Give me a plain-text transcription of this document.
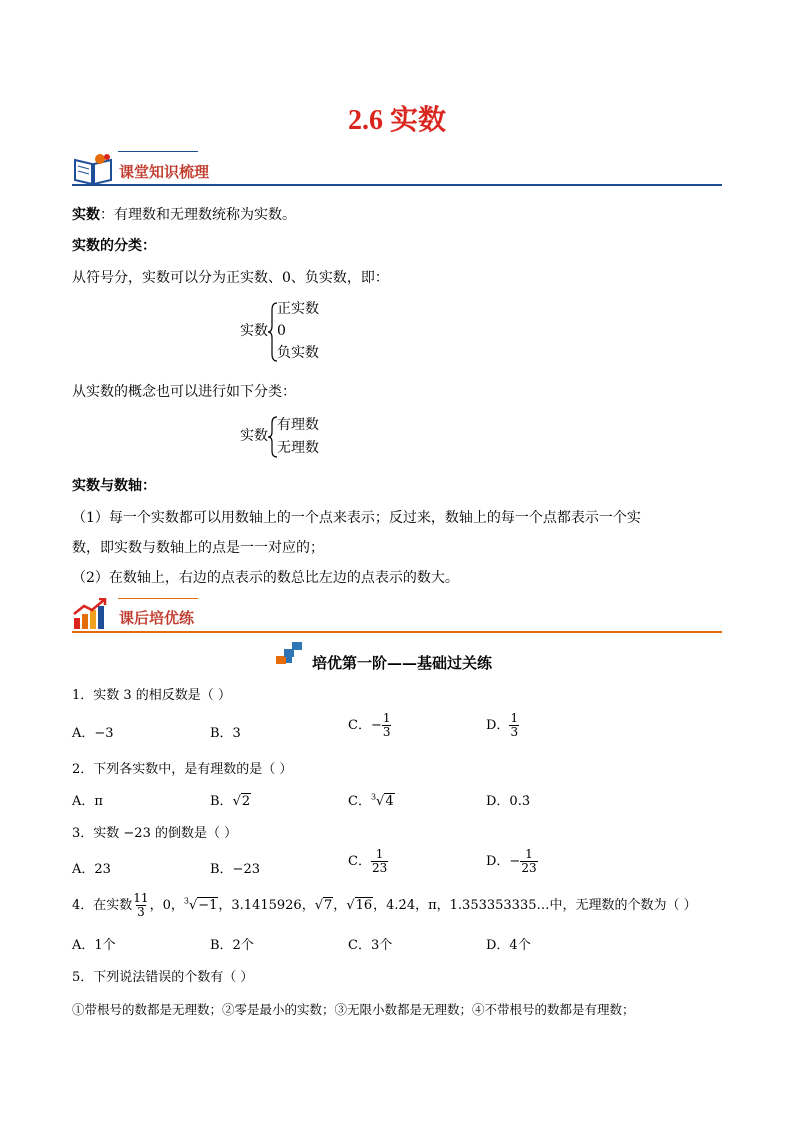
2.6 实数
课堂知识梳理
实数：有理数和无理数统称为实数。
实数的分类：
从符号分，实数可以分为正实数、0、负实数，即：
实数
正实数
0
负实数
从实数的概念也可以进行如下分类：
实数
有理数
无理数
实数与数轴：
（1）每一个实数都可以用数轴上的一个点来表示；反过来，数轴上的每一个点都表示一个实
数，即实数与数轴上的点是一一对应的；
（2）在数轴上，右边的点表示的数总比左边的点表示的数大。
课后培优练
培优第一阶——基础过关练
1．实数 3 的相反数是（ ）
A．−3	B．3
C．− $\frac{1}{3}$	D． $\frac{1}{3}$
2．下列各实数中，是有理数的是（ ）
A．π	B．√2	C．$^3$√4	D．0.3̇
3．实数 −23 的倒数是（ ）
A．23	B．−23
C． $\frac{1}{23}$	D．− $\frac{1}{23}$
4．在实数 $\frac{11}{3}$ ，0，$^3$√−1，3.1415926，√7，√16，4.2̇4̇，π，1.353353335…中，无理数的个数为（ ）
A．1个	B．2个	C．3个	D．4个
5．下列说法错误的个数有（ ）
①带根号的数都是无理数；②零是最小的实数；③无限小数都是无理数；④不带根号的数都是有理数；
